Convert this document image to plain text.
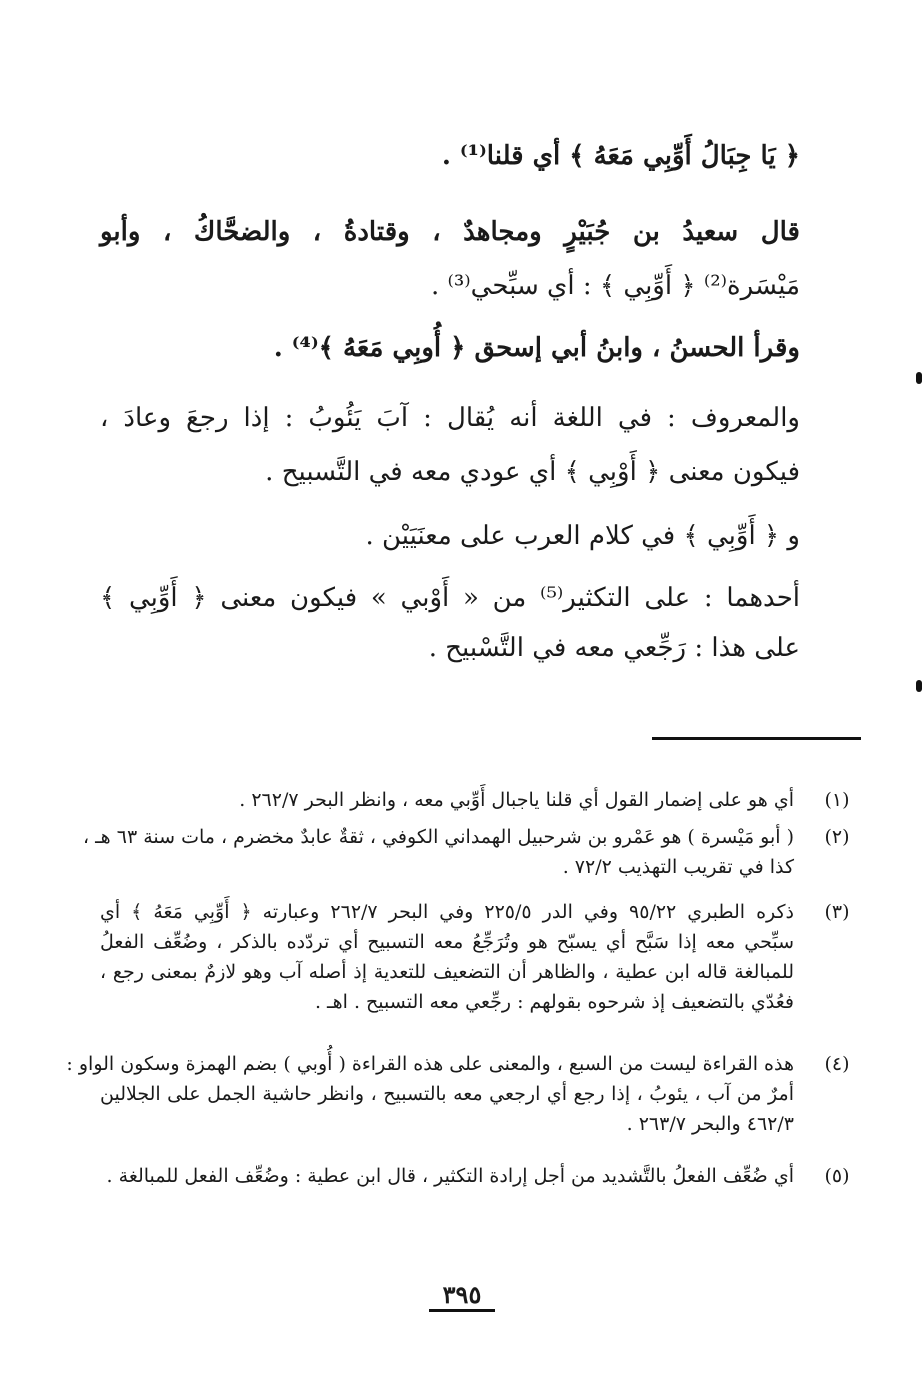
﴿ يَا جِبَالُ أَوِّبِي مَعَهُ ﴾ أي قلنا⁽¹⁾ .
قال سعيدُ بن جُبَيْرٍ ومجاهدٌ ، وقتادةُ ، والضحَّاكُ ، وأبو
مَيْسَرة⁽²⁾ ﴿ أَوِّبِي ﴾ : أي سبِّحي⁽³⁾ .
وقرأ الحسنُ ، وابنُ أبي إسحق ﴿ أُوبِي مَعَهُ ﴾⁽⁴⁾ .
والمعروف : في اللغة أنه يُقال : آبَ يَئُوبُ : إذا رجعَ وعادَ ،
فيكون معنى ﴿ أَوْبِي ﴾ أي عودي معه في التَّسبيح .
و ﴿ أَوِّبِي ﴾ في كلام العرب على معنَيَيْن .
أحدهما : على التكثير⁽⁵⁾ من « أَوْبي » فيكون معنى ﴿ أَوِّبِي ﴾
على هذا : رَجِّعي معه في التَّسْبيح .
(١)
أي هو على إضمار القول أي قلنا ياجبال أَوِّبي معه ، وانظر البحر ٢٦٢/٧ .
(٢)
( أبو مَيْسرة ) هو عَمْرو بن شرحبيل الهمداني الكوفي ، ثقةٌ عابدٌ مخضرم ، مات سنة ٦٣ هـ ،
كذا في تقريب التهذيب ٧٢/٢ .
(٣)
ذكره الطبري ٩٥/٢٢ وفي الدر ٢٢٥/٥ وفي البحر ٢٦٢/٧ وعبارته ﴿ أَوِّبِي مَعَهُ ﴾ أي
سبِّحي معه إذا سَبَّح أي يسبّح هو وتُرَجِّعُ معه التسبيح أي تردّده بالذكر ، وضُعِّف الفعلُ
للمبالغة قاله ابن عطية ، والظاهر أن التضعيف للتعدية إذ أصله آب وهو لازمٌ بمعنى رجع ،
فعُدّي بالتضعيف إذ شرحوه بقولهم : رجِّعي معه التسبيح . اهـ .
(٤)
هذه القراءة ليست من السبع ، والمعنى على هذه القراءة ( أُوبي ) بضم الهمزة وسكون الواو :
أمرٌ من آب ، يئوبُ ، إذا رجع أي ارجعي معه بالتسبيح ، وانظر حاشية الجمل على الجلالين
٤٦٢/٣ والبحر ٢٦٣/٧ .
(٥)
أي ضُعِّف الفعلُ بالتَّشديد من أجل إرادة التكثير ، قال ابن عطية : وضُعِّف الفعل للمبالغة .
٣٩٥
